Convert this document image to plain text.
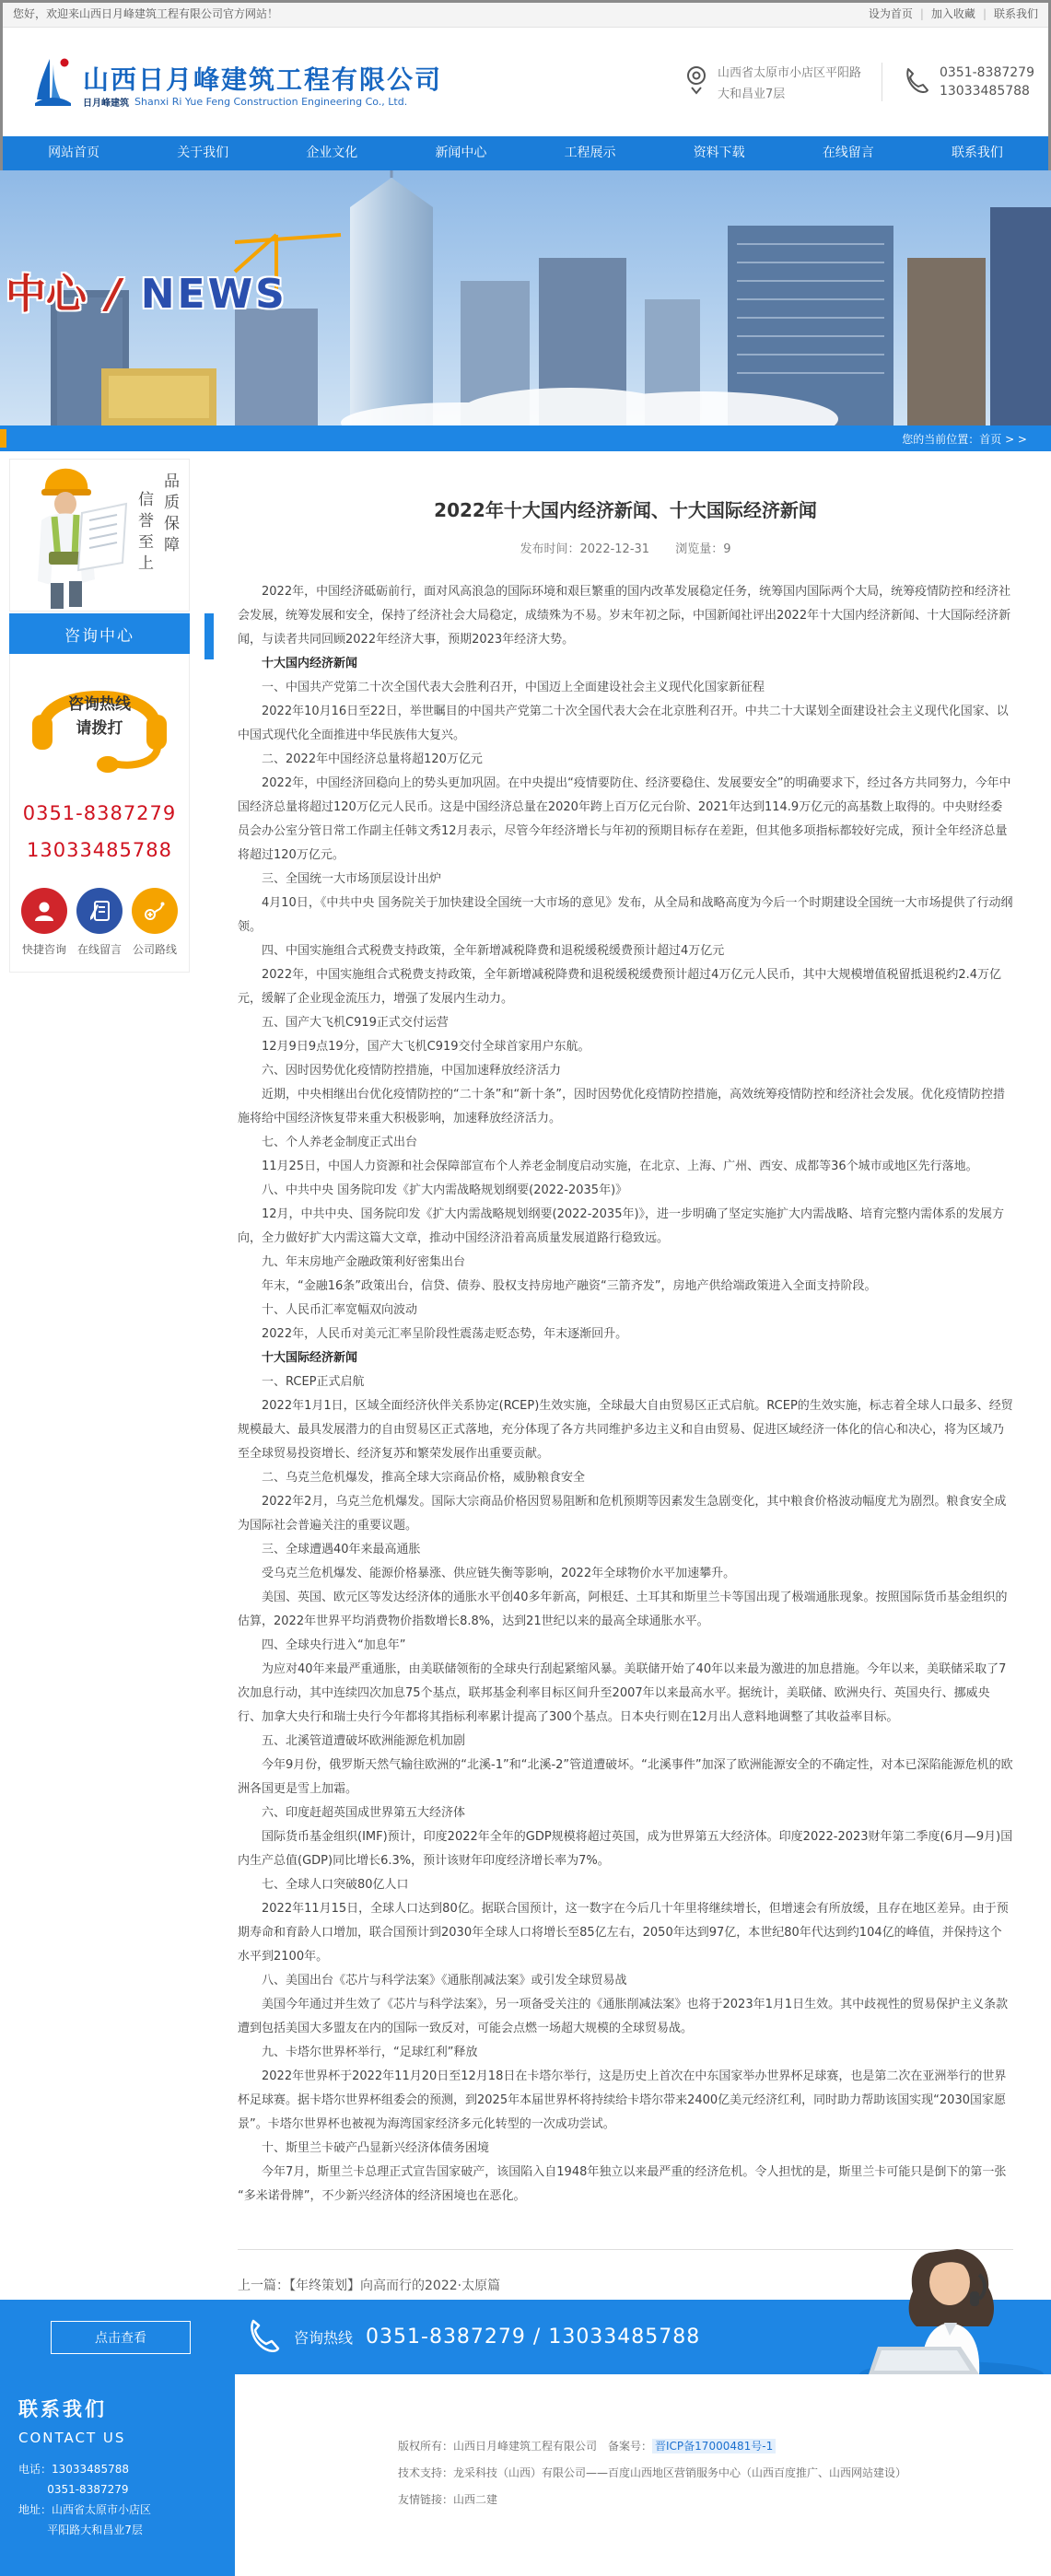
您好，欢迎来山西日月峰建筑工程有限公司官方网站！	设为首页 | 加入收藏 | 联系我们
山西日月峰建筑工程有限公司
日月峰建筑 Shanxi Ri Yue Feng Construction Engineering Co., Ltd.
山西省太原市小店区平阳路
大和昌业7层
0351-8387279
13033485788
网站首页	关于我们	企业文化	新闻中心	工程展示	资料下载	在线留言	联系我们
中心 / NEWS
您的当前位置：首页 > >
品质保障
信誉至上
咨询中心
咨询热线
请拨打
0351-8387279
13033485788
快捷咨询 在线留言 公司路线
2022年十大国内经济新闻、十大国际经济新闻
发布时间：2022-12-31 浏览量：9

2022年，中国经济砥砺前行，面对风高浪急的国际环境和艰巨繁重的国内改革发展稳定任务，统筹国内国际两个大局，统筹疫情防控和经济社会发展，统筹发展和安全，保持了经济社会大局稳定，成绩殊为不易。岁末年初之际，中国新闻社评出2022年十大国内经济新闻、十大国际经济新闻，与读者共同回顾2022年经济大事，预期2023年经济大势。

十大国内经济新闻

一、中国共产党第二十次全国代表大会胜利召开，中国迈上全面建设社会主义现代化国家新征程

2022年10月16日至22日，举世瞩目的中国共产党第二十次全国代表大会在北京胜利召开。中共二十大谋划全面建设社会主义现代化国家、以中国式现代化全面推进中华民族伟大复兴。

二、2022年中国经济总量将超120万亿元

2022年，中国经济回稳向上的势头更加巩固。在中央提出“疫情要防住、经济要稳住、发展要安全”的明确要求下，经过各方共同努力，今年中国经济总量将超过120万亿元人民币。这是中国经济总量在2020年跨上百万亿元台阶、2021年达到114.9万亿元的高基数上取得的。中央财经委员会办公室分管日常工作副主任韩文秀12月表示，尽管今年经济增长与年初的预期目标存在差距，但其他多项指标都较好完成，预计全年经济总量将超过120万亿元。

三、全国统一大市场顶层设计出炉

4月10日，《中共中央 国务院关于加快建设全国统一大市场的意见》发布，从全局和战略高度为今后一个时期建设全国统一大市场提供了行动纲领。

四、中国实施组合式税费支持政策，全年新增减税降费和退税缓税缓费预计超过4万亿元

2022年，中国实施组合式税费支持政策，全年新增减税降费和退税缓税缓费预计超过4万亿元人民币，其中大规模增值税留抵退税约2.4万亿元，缓解了企业现金流压力，增强了发展内生动力。

五、国产大飞机C919正式交付运营

12月9日9点19分，国产大飞机C919交付全球首家用户东航。

六、因时因势优化疫情防控措施，中国加速释放经济活力

近期，中央相继出台优化疫情防控的“二十条”和“新十条”，因时因势优化疫情防控措施，高效统筹疫情防控和经济社会发展。优化疫情防控措施将给中国经济恢复带来重大积极影响，加速释放经济活力。

七、个人养老金制度正式出台

11月25日，中国人力资源和社会保障部宣布个人养老金制度启动实施，在北京、上海、广州、西安、成都等36个城市或地区先行落地。

八、中共中央 国务院印发《扩大内需战略规划纲要(2022-2035年)》

12月，中共中央、国务院印发《扩大内需战略规划纲要(2022-2035年)》，进一步明确了坚定实施扩大内需战略、培育完整内需体系的发展方向，全力做好扩大内需这篇大文章，推动中国经济沿着高质量发展道路行稳致远。

九、年末房地产金融政策利好密集出台

年末，“金融16条”政策出台，信贷、债券、股权支持房地产融资“三箭齐发”，房地产供给端政策进入全面支持阶段。

十、人民币汇率宽幅双向波动

2022年，人民币对美元汇率呈阶段性震荡走贬态势，年末逐渐回升。

十大国际经济新闻

一、RCEP正式启航

2022年1月1日，区域全面经济伙伴关系协定(RCEP)生效实施，全球最大自由贸易区正式启航。RCEP的生效实施，标志着全球人口最多、经贸规模最大、最具发展潜力的自由贸易区正式落地，充分体现了各方共同维护多边主义和自由贸易、促进区域经济一体化的信心和决心，将为区域乃至全球贸易投资增长、经济复苏和繁荣发展作出重要贡献。

二、乌克兰危机爆发，推高全球大宗商品价格，威胁粮食安全

2022年2月，乌克兰危机爆发。国际大宗商品价格因贸易阻断和危机预期等因素发生急剧变化，其中粮食价格波动幅度尤为剧烈。粮食安全成为国际社会普遍关注的重要议题。

三、全球遭遇40年来最高通胀

受乌克兰危机爆发、能源价格暴涨、供应链失衡等影响，2022年全球物价水平加速攀升。

美国、英国、欧元区等发达经济体的通胀水平创40多年新高，阿根廷、土耳其和斯里兰卡等国出现了极端通胀现象。按照国际货币基金组织的估算，2022年世界平均消费物价指数增长8.8%，达到21世纪以来的最高全球通胀水平。

四、全球央行进入“加息年”

为应对40年来最严重通胀，由美联储领衔的全球央行刮起紧缩风暴。美联储开始了40年以来最为激进的加息措施。今年以来，美联储采取了7次加息行动，其中连续四次加息75个基点，联邦基金利率目标区间升至2007年以来最高水平。据统计，美联储、欧洲央行、英国央行、挪威央行、加拿大央行和瑞士央行今年都将其指标利率累计提高了300个基点。日本央行则在12月出人意料地调整了其收益率目标。

五、北溪管道遭破坏欧洲能源危机加剧

今年9月份，俄罗斯天然气输往欧洲的“北溪-1”和“北溪-2”管道遭破坏。“北溪事件”加深了欧洲能源安全的不确定性，对本已深陷能源危机的欧洲各国更是雪上加霜。

六、印度赶超英国成世界第五大经济体

国际货币基金组织(IMF)预计，印度2022年全年的GDP规模将超过英国，成为世界第五大经济体。印度2022-2023财年第二季度(6月—9月)国内生产总值(GDP)同比增长6.3%，预计该财年印度经济增长率为7%。

七、全球人口突破80亿人口

2022年11月15日，全球人口达到80亿。据联合国预计，这一数字在今后几十年里将继续增长，但增速会有所放缓，且存在地区差异。由于预期寿命和育龄人口增加，联合国预计到2030年全球人口将增长至85亿左右，2050年达到97亿，本世纪80年代达到约104亿的峰值，并保持这个水平到2100年。

八、美国出台《芯片与科学法案》《通胀削减法案》或引发全球贸易战

美国今年通过并生效了《芯片与科学法案》，另一项备受关注的《通胀削减法案》也将于2023年1月1日生效。其中歧视性的贸易保护主义条款遭到包括美国大多盟友在内的国际一致反对，可能会点燃一场超大规模的全球贸易战。

九、卡塔尔世界杯举行，“足球红利”释放

2022年世界杯于2022年11月20日至12月18日在卡塔尔举行，这是历史上首次在中东国家举办世界杯足球赛，也是第二次在亚洲举行的世界杯足球赛。据卡塔尔世界杯组委会的预测，到2025年本届世界杯将持续给卡塔尔带来2400亿美元经济红利，同时助力帮助该国实现“2030国家愿景”。卡塔尔世界杯也被视为海湾国家经济多元化转型的一次成功尝试。

十、斯里兰卡破产凸显新兴经济体债务困境

今年7月，斯里兰卡总理正式宣告国家破产，该国陷入自1948年独立以来最严重的经济危机。令人担忧的是，斯里兰卡可能只是倒下的第一张“多米诺骨牌”，不少新兴经济体的经济困境也在恶化。

上一篇：【年终策划】向高而行的2022·太原篇
点击查看	咨询热线 0351-8387279 / 13033485788
联系我们
CONTACT US
电话：13033485788
0351-8387279
地址：山西省太原市小店区
平阳路大和昌业7层
版权所有：山西日月峰建筑工程有限公司　备案号： 晋ICP备17000481号-1
技术支持：龙采科技（山西）有限公司——百度山西地区营销服务中心（山西百度推广、山西网站建设）
友情链接：山西二建
